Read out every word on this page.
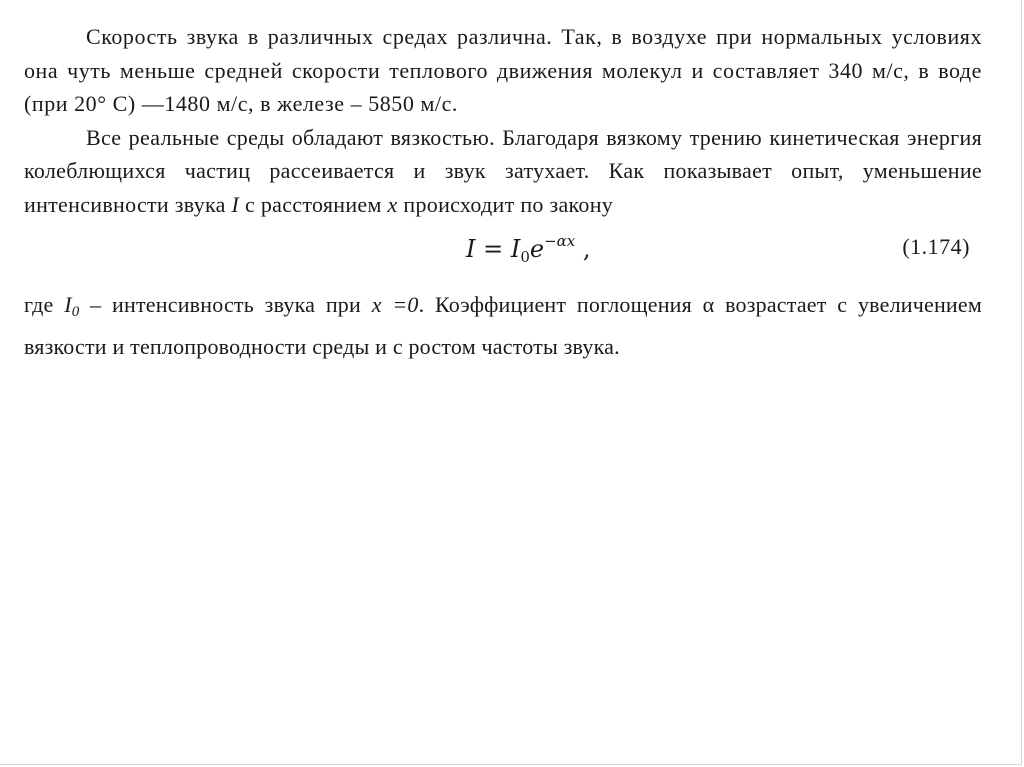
Скорость звука в различных средах различна. Так, в воздухе при нормальных условиях она чуть меньше средней скорости теплового движения молекул и составляет 340 м/с, в воде (при 20° C) —1480 м/с, в железе – 5850 м/с.

Все реальные среды обладают вязкостью. Благодаря вязкому трению кинетическая энергия колеблющихся частиц рассеивается и звук затухает. Как показывает опыт, уменьшение интенсивности звука I с расстоянием x происходит по закону

$I = I_0e^{-\alpha x}$ ,	(1.174)

где $I_0$ – интенсивность звука при x =0. Коэффициент поглощения α возрастает с увеличением вязкости и теплопроводности среды и с ростом частоты звука.
